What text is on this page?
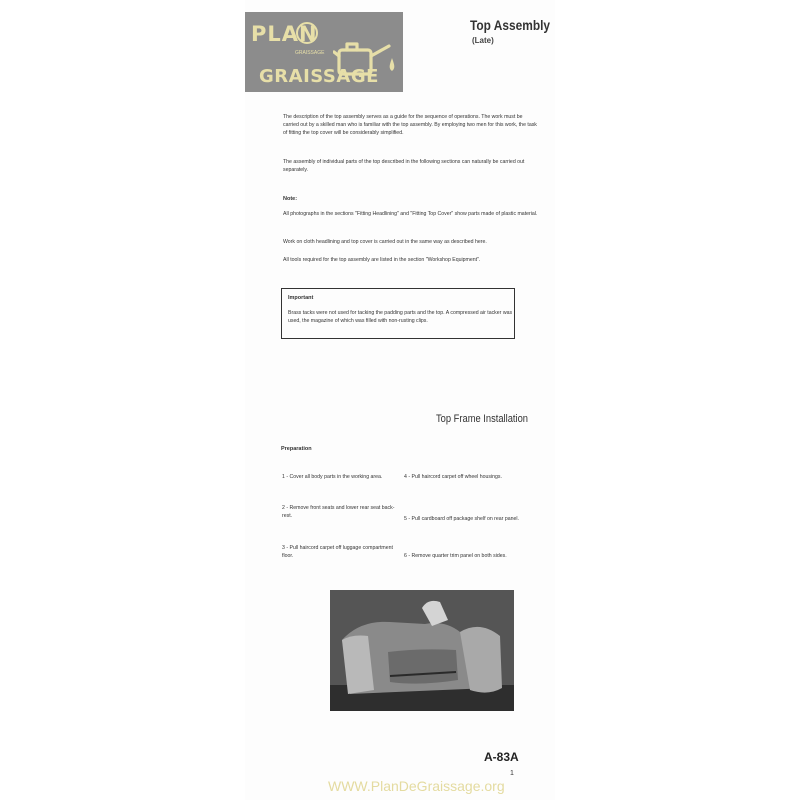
PLAN
GRAISSAGE
GRAISSAGE
Top Assembly
(Late)
The description of the top assembly serves as a guide for the sequence of operations. The work must be carried out by a skilled man who is familiar with the top assembly. By employing two men for this work, the task of fitting the top cover will be considerably simplified.
The assembly of individual parts of the top described in the following sections can naturally be carried out separately.
Note:
All photographs in the sections "Fitting Headlining" and "Fitting Top Cover" show parts made of plastic material.
Work on cloth headlining and top cover is carried out in the same way as described here.
All tools required for the top assembly are listed in the section "Workshop Equipment".
Important
Brass tacks were not used for tacking the padding parts and the top. A compressed air tacker was used, the magazine of which was filled with non-rusting clips.
Top Frame Installation
Preparation
1 - Cover all body parts in the working area.
2 - Remove front seats and lower rear seat back-rest.
3 - Pull haircord carpet off luggage compartment floor.
4 - Pull haircord carpet off wheel housings.
5 - Pull cardboard off package shelf on rear panel.
6 - Remove quarter trim panel on both sides.
A-83A
1
WWW.PlanDeGraissage.org
